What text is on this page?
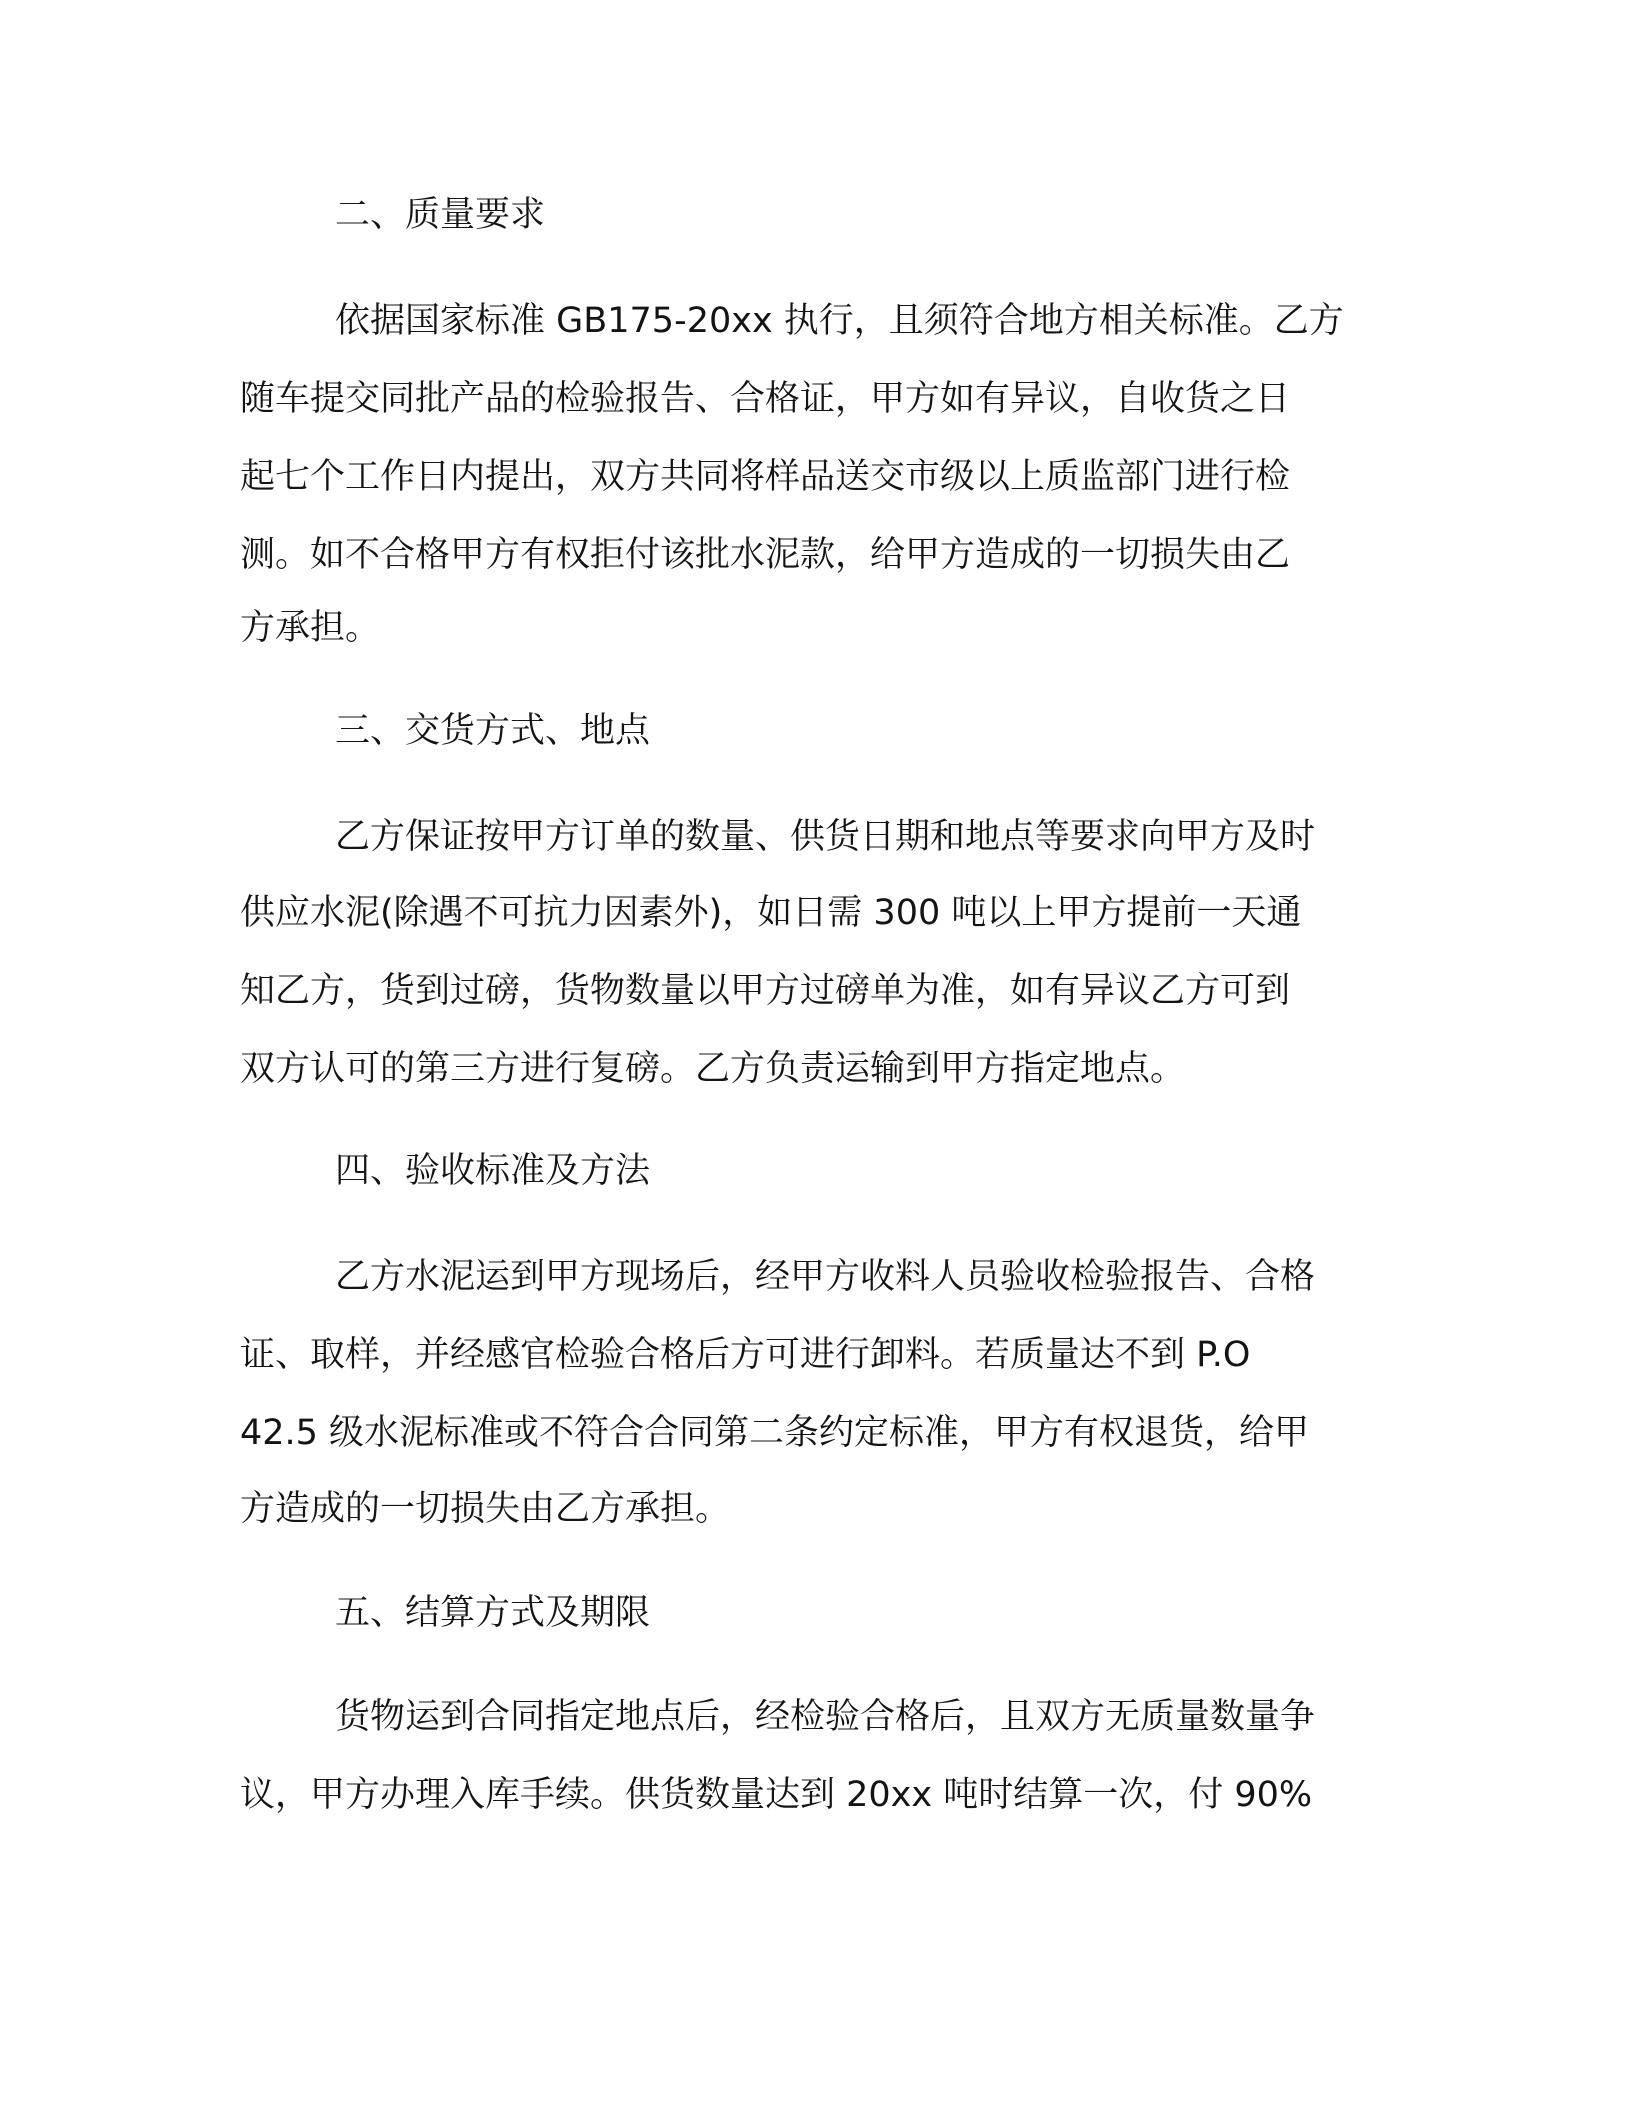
二、质量要求
依据国家标准 GB175-20xx 执行，且须符合地方相关标准。乙方
随车提交同批产品的检验报告、合格证，甲方如有异议，自收货之日
起七个工作日内提出，双方共同将样品送交市级以上质监部门进行检
测。如不合格甲方有权拒付该批水泥款，给甲方造成的一切损失由乙
方承担。
三、交货方式、地点
乙方保证按甲方订单的数量、供货日期和地点等要求向甲方及时
供应水泥(除遇不可抗力因素外)，如日需 300 吨以上甲方提前一天通
知乙方，货到过磅，货物数量以甲方过磅单为准，如有异议乙方可到
双方认可的第三方进行复磅。乙方负责运输到甲方指定地点。
四、验收标准及方法
乙方水泥运到甲方现场后，经甲方收料人员验收检验报告、合格
证、取样，并经感官检验合格后方可进行卸料。若质量达不到 P.O
42.5 级水泥标准或不符合合同第二条约定标准，甲方有权退货，给甲
方造成的一切损失由乙方承担。
五、结算方式及期限
货物运到合同指定地点后，经检验合格后，且双方无质量数量争
议，甲方办理入库手续。供货数量达到 20xx 吨时结算一次，付 90%
